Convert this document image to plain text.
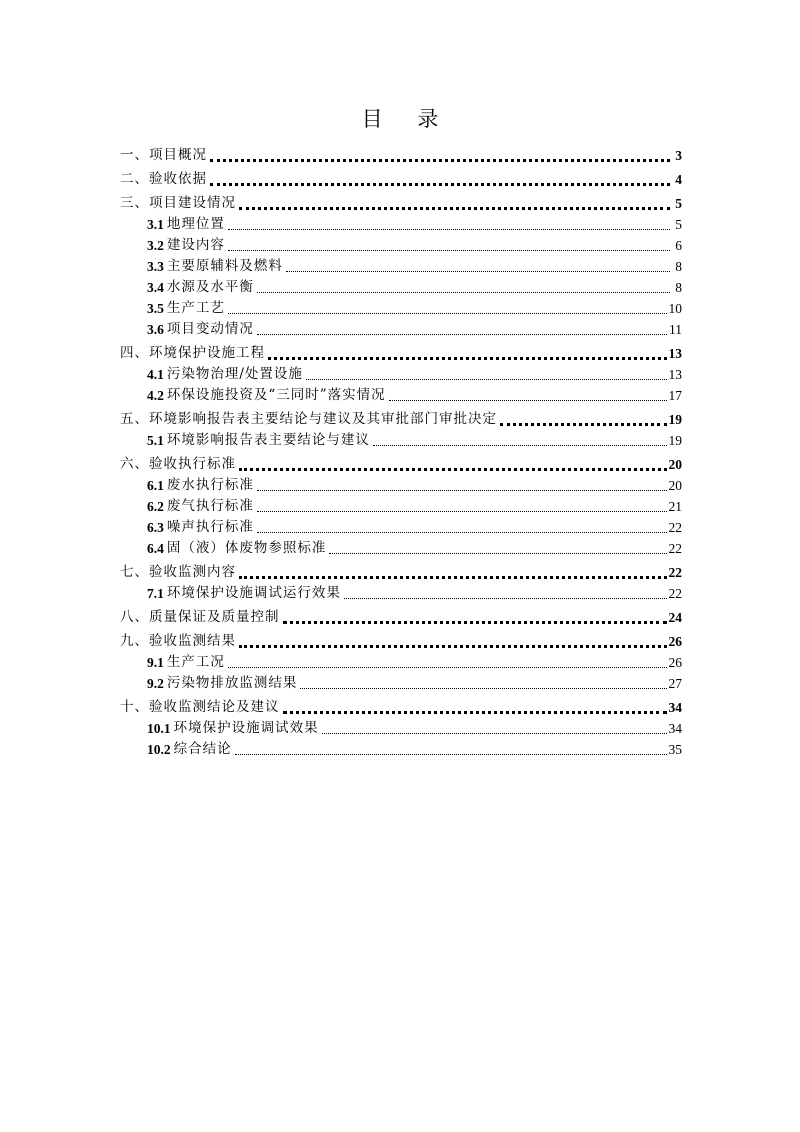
目 录
一、项目概况	3
二、验收依据	4
三、项目建设情况	5
3.1 地理位置	5
3.2 建设内容	6
3.3 主要原辅料及燃料	8
3.4 水源及水平衡	8
3.5 生产工艺	10
3.6 项目变动情况	11
四、环境保护设施工程	13
4.1 污染物治理/处置设施	13
4.2 环保设施投资及“三同时”落实情况	17
五、环境影响报告表主要结论与建议及其审批部门审批决定	19
5.1 环境影响报告表主要结论与建议	19
六、验收执行标准	20
6.1 废水执行标准	20
6.2 废气执行标准	21
6.3 噪声执行标准	22
6.4 固（液）体废物参照标准	22
七、验收监测内容	22
7.1 环境保护设施调试运行效果	22
八、质量保证及质量控制	24
九、验收监测结果	26
9.1 生产工况	26
9.2 污染物排放监测结果	27
十、验收监测结论及建议	34
10.1 环境保护设施调试效果	34
10.2 综合结论	35
